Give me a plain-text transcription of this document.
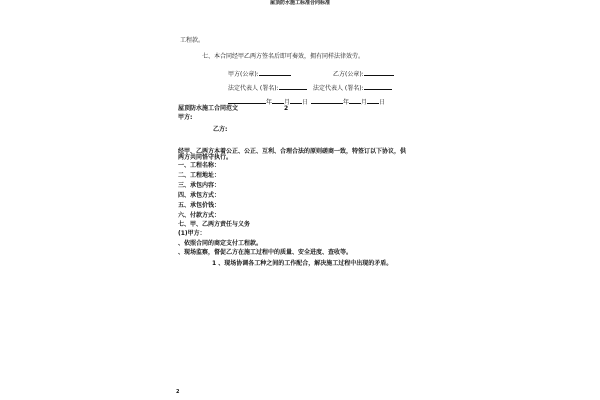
屋顶防水施工标准合同标准
工程款。
七、本合同经甲乙两方签名后即可奏效，拥有同样法律效劳。
甲方(公章):	乙方(公章):
法定代表人 (署名):	法定代表人 (署名):
年 月 日	年 月 日
屋顶防水施工合同范文	2
甲方:
乙方:
经甲、乙两方本着公正、公正、互利、合理合法的原则磋商一致，特签订以下协议，供
两方共同恪守执行。
一、工程名称：
二、工程地址：
三、承包内容：
四、承包方式：
五、承包价钱：
六、付款方式：
七、甲、乙两方责任与义务
(1)甲方：
、依照合同的商定支付工程款。
、现场监察，督促乙方在施工过程中的质量、安全进度、查收等。
1 、现场协调各工种之间的工作配合，解决施工过程中出现的矛盾。
2
